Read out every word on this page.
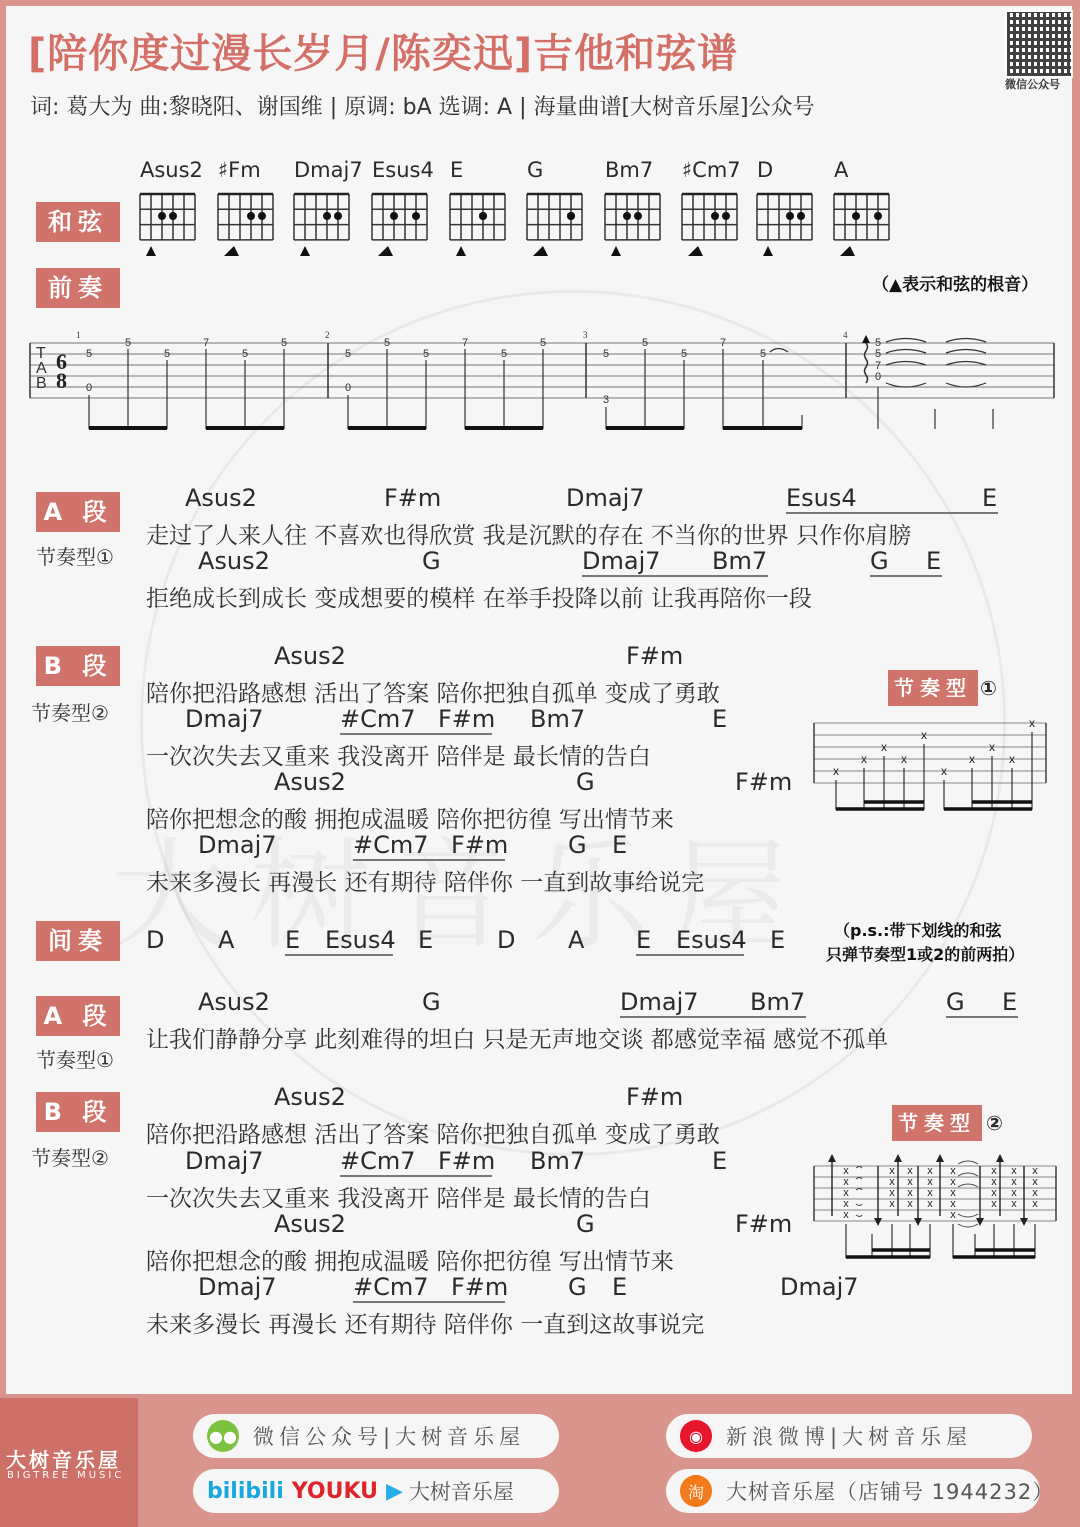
[陪你度过漫长岁月/陈奕迅]吉他和弦谱
词: 葛大为 曲:黎晓阳、谢国维 | 原调: bA 选调: A | 海量曲谱[大树音乐屋]公众号
微信公众号
和弦
前奏	（▲表示和弦的根音）
Asus2 ♯Fm Dmaj7 Esus4 E	G	Bm7 ♯Cm7 D	A
T
A
B
6
8
1	2	3	4
5
0
5
5
7
5
5
5
0
5
5
7
5
5
5
3
5
5
7
5
5
5
7
0
A 段
节奏型①
Asus2	F#m	Dmaj7	Esus4	E
走过了人来人往 不喜欢也得欣赏 我是沉默的存在 不当你的世界 只作你肩膀
Asus2	G	Dmaj7 Bm7	G E
拒绝成长到成长 变成想要的模样 在举手投降以前 让我再陪你一段
B 段
节奏型②
Asus2	F#m
陪你把沿路感想 活出了答案 陪你把独自孤单 变成了勇敢
Dmaj7	#Cm7 F#m Bm7	E
一次次失去又重来 我没离开 陪伴是 最长情的告白
Asus2	G	F#m
陪你把想念的酸 拥抱成温暖 陪你把彷徨 写出情节来
Dmaj7	#Cm7 F#m G E
未来多漫长 再漫长 还有期待 陪伴你 一直到故事给说完
节奏型 ①
x
x
x
x
x
x
x
x
x
x
间奏	D A E Esus4 E	D A E Esus4 E	（p.s.:带下划线的和弦
只弹节奏型1或2的前两拍）
A 段
节奏型①
Asus2	G	Dmaj7 Bm7	G E
让我们静静分享 此刻难得的坦白 只是无声地交谈 都感觉幸福 感觉不孤单
B 段
节奏型②
Asus2	F#m
陪你把沿路感想 活出了答案 陪你把独自孤单 变成了勇敢
Dmaj7	#Cm7 F#m Bm7	E
一次次失去又重来 我没离开 陪伴是 最长情的告白
Asus2	G	F#m
陪你把想念的酸 拥抱成温暖 陪你把彷徨 写出情节来
Dmaj7	#Cm7 F#m G E	Dmaj7
未来多漫长 再漫长 还有期待 陪伴你 一直到这故事说完
节奏型 ②
x
x
x
x
x
x
x
x
x
x
x
x
x
x
x
x
x
x
x
x
x
x
x
x
x
x
x
x
x
x
x
x
x
x
大树音乐屋
BIGTREE MUSIC
●● 微信公众号|大树音乐屋
bilibili YOUKU ▶ 大树音乐屋
◉	新浪微博|大树音乐屋
淘	大树音乐屋（店铺号 1944232）
